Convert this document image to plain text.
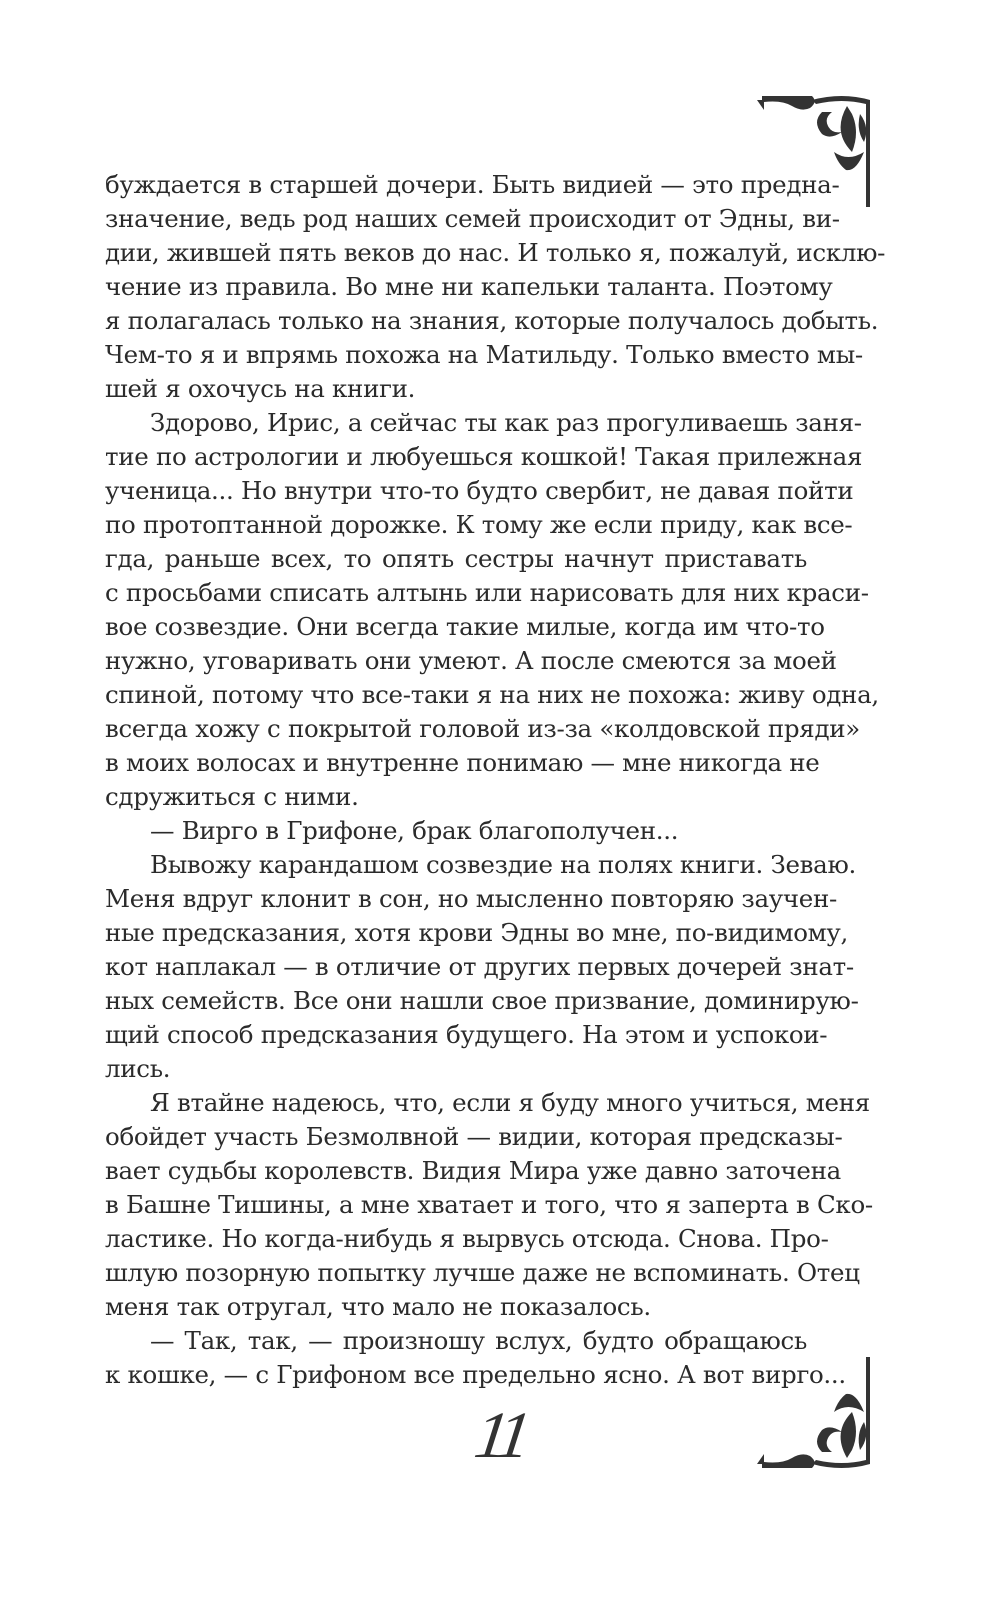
буждается в старшей дочери. Быть видией — это предна-
значение, ведь род наших семей происходит от Эдны, ви-
дии, жившей пять веков до нас. И только я, пожалуй, исклю-
чение из правила. Во мне ни капельки таланта. Поэтому
я полагалась только на знания, которые получалось добыть.
Чем-то я и впрямь похожа на Матильду. Только вместо мы-
шей я охочусь на книги.
Здорово, Ирис, а сейчас ты как раз прогуливаешь заня-
тие по астрологии и любуешься кошкой! Такая прилежная
ученица... Но внутри что-то будто свербит, не давая пойти
по протоптанной дорожке. К тому же если приду, как все-
гда, раньше всех, то опять сестры начнут приставать
с просьбами списать алтынь или нарисовать для них краси-
вое созвездие. Они всегда такие милые, когда им что-то
нужно, уговаривать они умеют. А после смеются за моей
спиной, потому что все-таки я на них не похожа: живу одна,
всегда хожу с покрытой головой из-за «колдовской пряди»
в моих волосах и внутренне понимаю — мне никогда не
сдружиться с ними.
— Вирго в Грифоне, брак благополучен...
Вывожу карандашом созвездие на полях книги. Зеваю.
Меня вдруг клонит в сон, но мысленно повторяю заучен-
ные предсказания, хотя крови Эдны во мне, по-видимому,
кот наплакал — в отличие от других первых дочерей знат-
ных семейств. Все они нашли свое призвание, доминирую-
щий способ предсказания будущего. На этом и успокои-
лись.
Я втайне надеюсь, что, если я буду много учиться, меня
обойдет участь Безмолвной — видии, которая предсказы-
вает судьбы королевств. Видия Мира уже давно заточена
в Башне Тишины, а мне хватает и того, что я заперта в Ско-
ластике. Но когда-нибудь я вырвусь отсюда. Снова. Про-
шлую позорную попытку лучше даже не вспоминать. Отец
меня так отругал, что мало не показалось.
— Так, так, — произношу вслух, будто обращаюсь
к кошке, — с Грифоном все предельно ясно. А вот вирго...
11
